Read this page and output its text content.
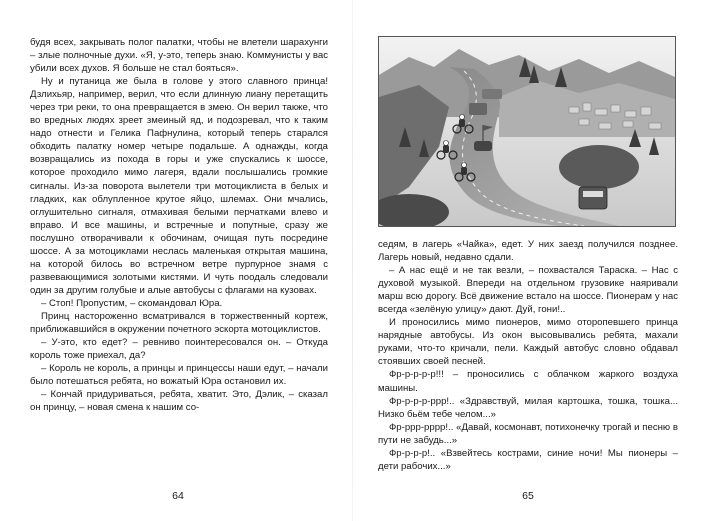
будя всех, закрывать полог палатки, чтобы не влетели шарахунги – злые полночные духи. «Я, у-это, теперь знаю. Коммунисты у вас убили всех духов. Я больше не стал бояться».

Ну и путаница же была в голове у этого славного принца! Дзлихьяр, например, верил, что если длинную лиану перетащить через три реки, то она превращается в змею. Он верил также, что во вредных людях зреет змеиный яд, и подозревал, что к таким надо отнести и Гелика Пафнулина, который теперь старался обходить палатку номер четыре подальше. А однажды, когда возвращались из похода в горы и уже спускались к шоссе, которое проходило мимо лагеря, вдали послышались громкие сигналы. Из-за поворота вылетели три мотоциклиста в белых и гладких, как облупленное крутое яйцо, шлемах. Они мчались, оглушительно сигналя, отмахивая белыми перчатками влево и вправо. И все машины, и встречные и попутные, сразу же послушно отворачивали к обочинам, очищая путь посредине шоссе. А за мотоциклами неслась маленькая открытая машина, на которой билось во встречном ветре пурпурное знамя с развевающимися золотыми кистями. И чуть поодаль следовали один за другим голубые и алые автобусы с флагами на кузовах.

– Стоп! Пропустим, – скомандовал Юра.

Принц настороженно всматривался в торжественный кортеж, приближавшийся в окружении почетного эскорта мотоциклистов.

– У-это, кто едет? – ревниво поинтересовался он. – Откуда король тоже приехал, да?

– Король не король, а принцы и принцессы наши едут, – начали было потешаться ребята, но вожатый Юра остановил их.

– Кончай придуриваться, ребята, хватит. Это, Дэлик, – сказал он принцу, – новая смена к нашим со-

64

седям, в лагерь «Чайка», едет. У них заезд получился позднее. Лагерь новый, недавно сдали.

– А нас ещё и не так везли, – похвастался Тараска. – Нас с духовой музыкой. Впереди на отдельном грузовике наяривали марш всю дорогу. Всё движение встало на шоссе. Пионерам у нас всегда «зелёную улицу» дают. Дуй, гони!..

И проносились мимо пионеров, мимо оторопевшего принца нарядные автобусы. Из окон высовывались ребята, махали руками, что-то кричали, пели. Каждый автобус словно обдавал стоявших своей песней.

Фр-р-р-р-р!!! – проносились с облачком жаркого воздуха машины.

Фр-р-р-р-ррр!.. «Здравствуй, милая картошка, тошка, тошка... Низко бьём тебе челом...»

Фр-ррр-рррр!.. «Давай, космонавт, потихонечку трогай и песню в пути не забудь...»

Фр-р-р-р!.. «Взвейтесь кострами, синие ночи! Мы пионеры – дети рабочих...»

65
